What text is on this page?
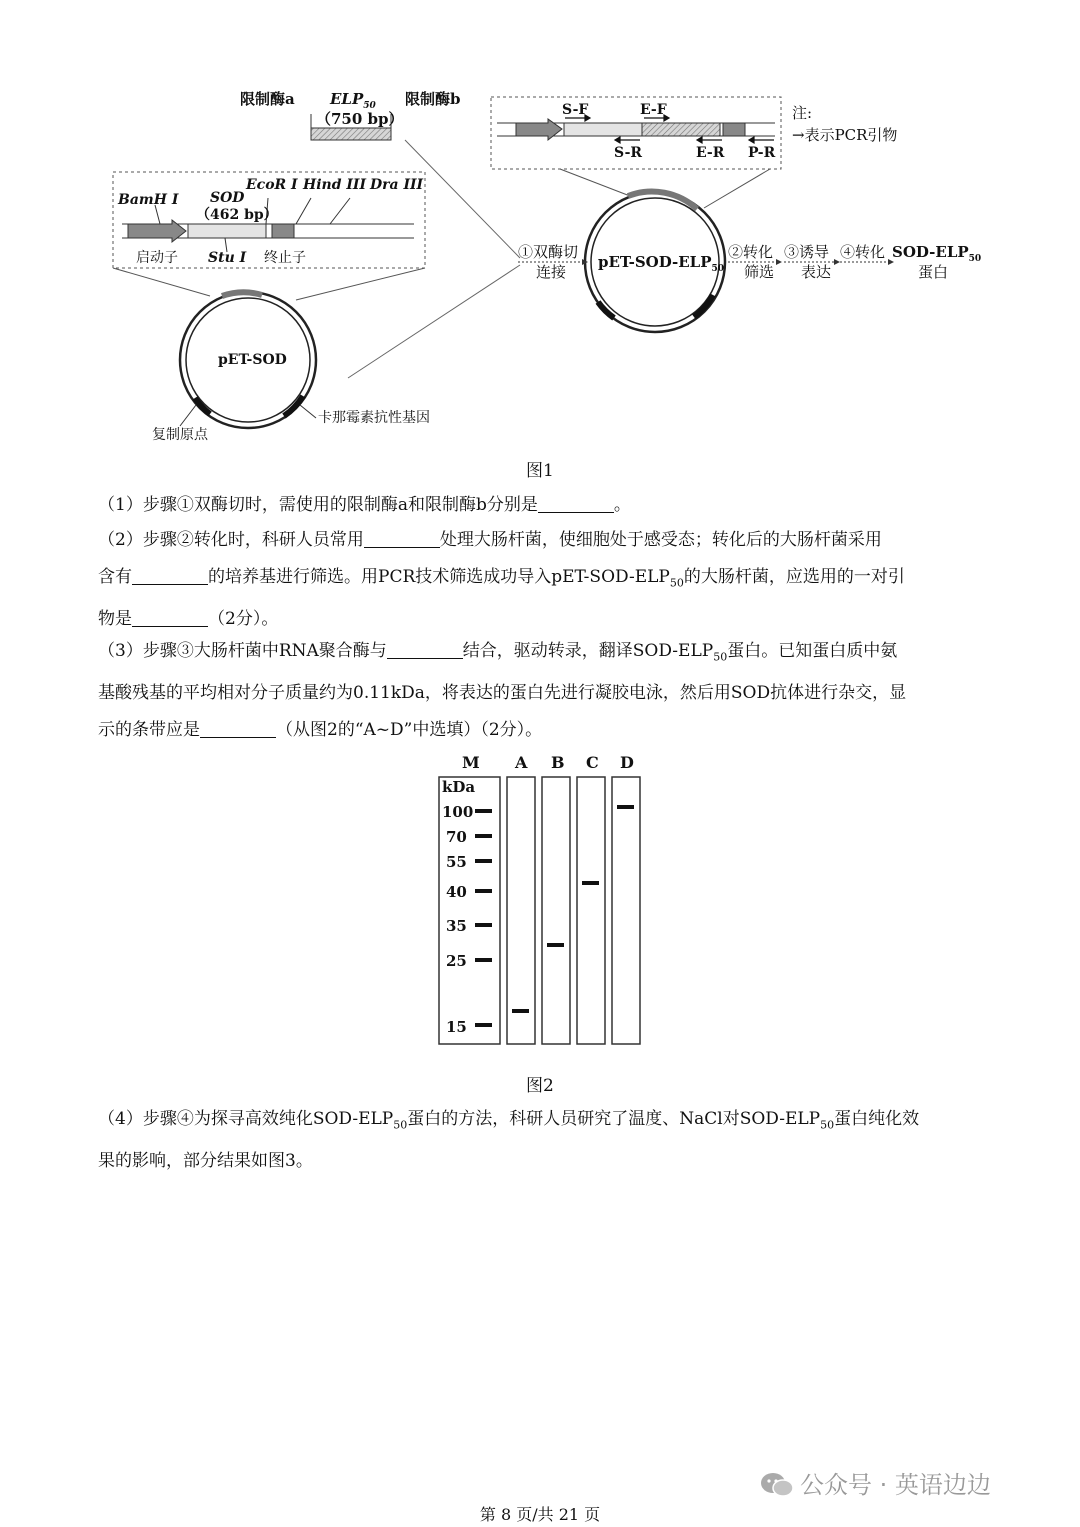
限制酶a $ELP_{50}$ 限制酶b
（750 bp）
BamH I SOD
（462 bp）
EcoR I Hind III Dra III
启动子 Stu I 终止子
pET-SOD
复制原点
卡那霉素抗性基因
S-F	E-F
S-R	E-R P-R
注:
→表示PCR引物
pET-$SOD-ELP_{50}$
①双酶切
连接
②转化
筛选
③诱导
表达
④转化 SOD-$ELP_{50}$
蛋白
图1
（1）步骤①双酶切时，需使用的限制酶a和限制酶b分别是	。
（2）步骤②转化时，科研人员常用	处理大肠杆菌，使细胞处于感受态；转化后的大肠杆菌采用
含有	的培养基进行筛选。用PCR技术筛选成功导入pET-$SOD-ELP_{50}$的大肠杆菌，应选用的一对引
物是	（2分）。
（3）步骤③大肠杆菌中RNA聚合酶与	结合，驱动转录，翻译SOD-$ELP_{50}$蛋白。已知蛋白质中氨
基酸残基的平均相对分子质量约为0.11kDa，将表达的蛋白先进行凝胶电泳，然后用SOD抗体进行杂交，显
示的条带应是	（从图2的“A~D”中选填）（2分）。
M A B C D
kDa
100
70
55
40
35
25
15
图2
（4）步骤④为探寻高效纯化SOD-$ELP_{50}$蛋白的方法，科研人员研究了温度、NaCl对SOD-$ELP_{50}$蛋白纯化效
果的影响，部分结果如图3。
公众号 · 英语边边
第 8 页/共 21 页
